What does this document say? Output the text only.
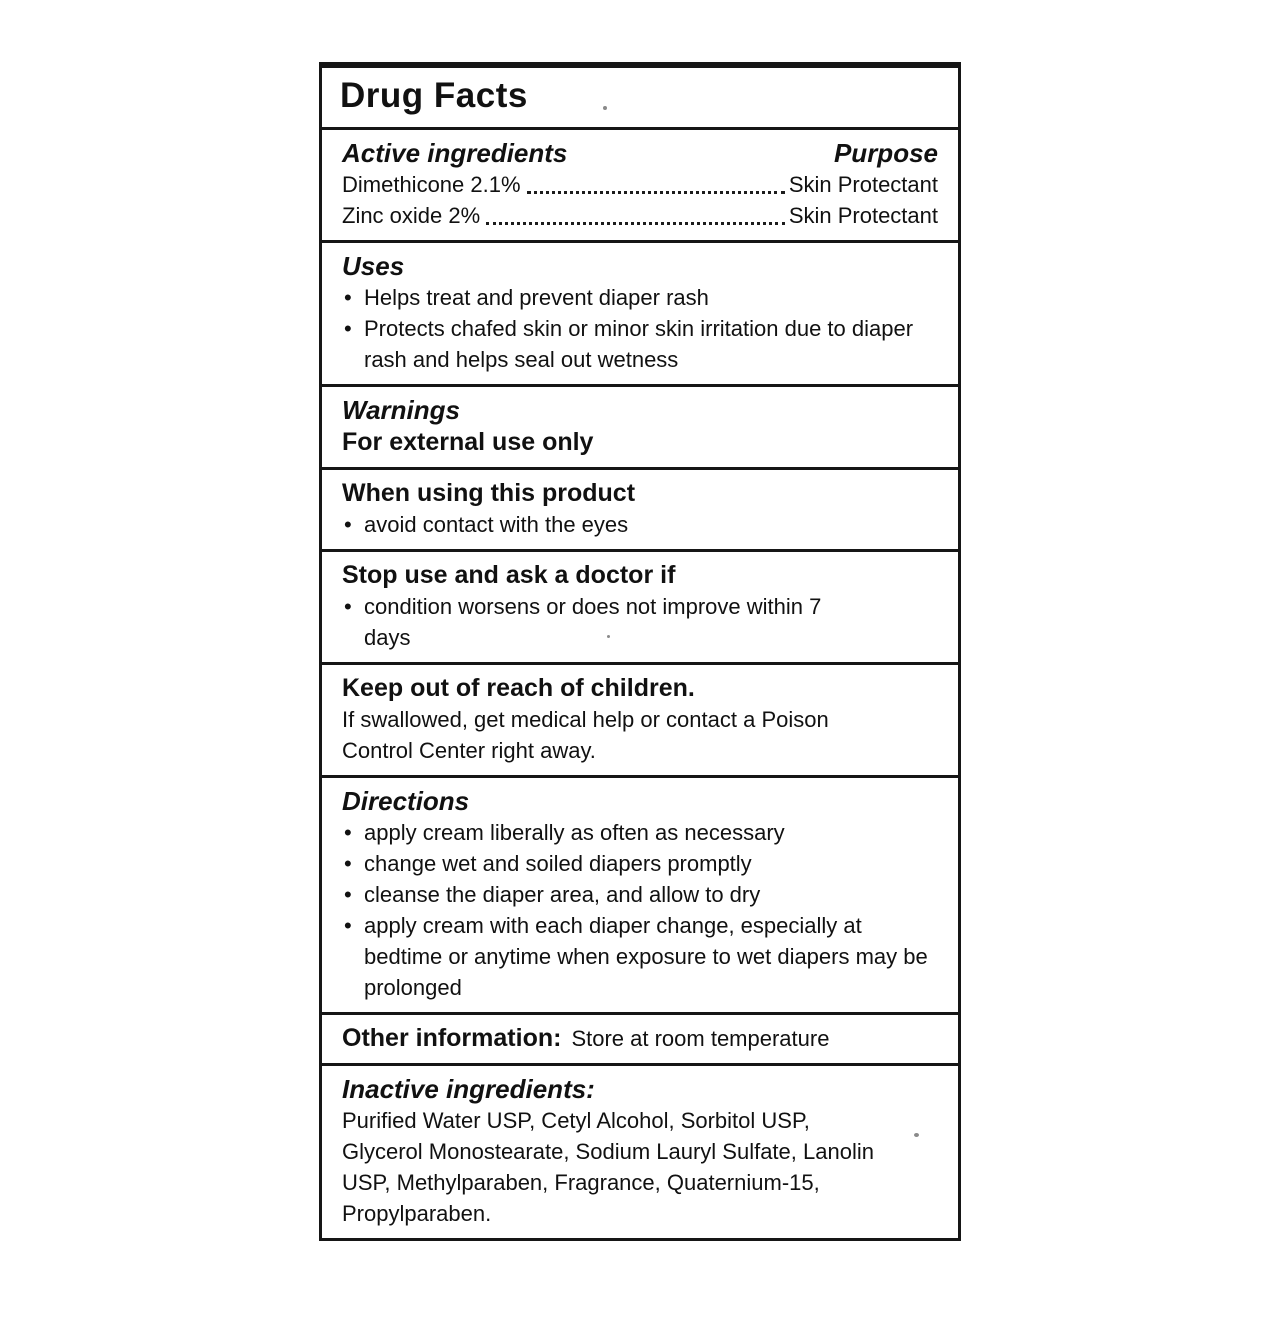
Drug Facts
Active ingredients	Purpose
Dimethicone 2.1%	Skin Protectant
Zinc oxide 2%	Skin Protectant
Uses
• Helps treat and prevent diaper rash
• Protects chafed skin or minor skin irritation due to diaper rash and helps seal out wetness
Warnings
For external use only
When using this product
• avoid contact with the eyes
Stop use and ask a doctor if
• condition worsens or does not improve within 7 days
Keep out of reach of children.

If swallowed, get medical help or contact a Poison Control Center right away.

Directions
• apply cream liberally as often as necessary
• change wet and soiled diapers promptly
• cleanse the diaper area, and allow to dry
• apply cream with each diaper change, especially at bedtime or anytime when exposure to wet diapers may be prolonged
Other information: Store at room temperature
Inactive ingredients:

Purified Water USP, Cetyl Alcohol, Sorbitol USP, Glycerol Monostearate, Sodium Lauryl Sulfate, Lanolin USP, Methylparaben, Fragrance, Quaternium-15, Propylparaben.
